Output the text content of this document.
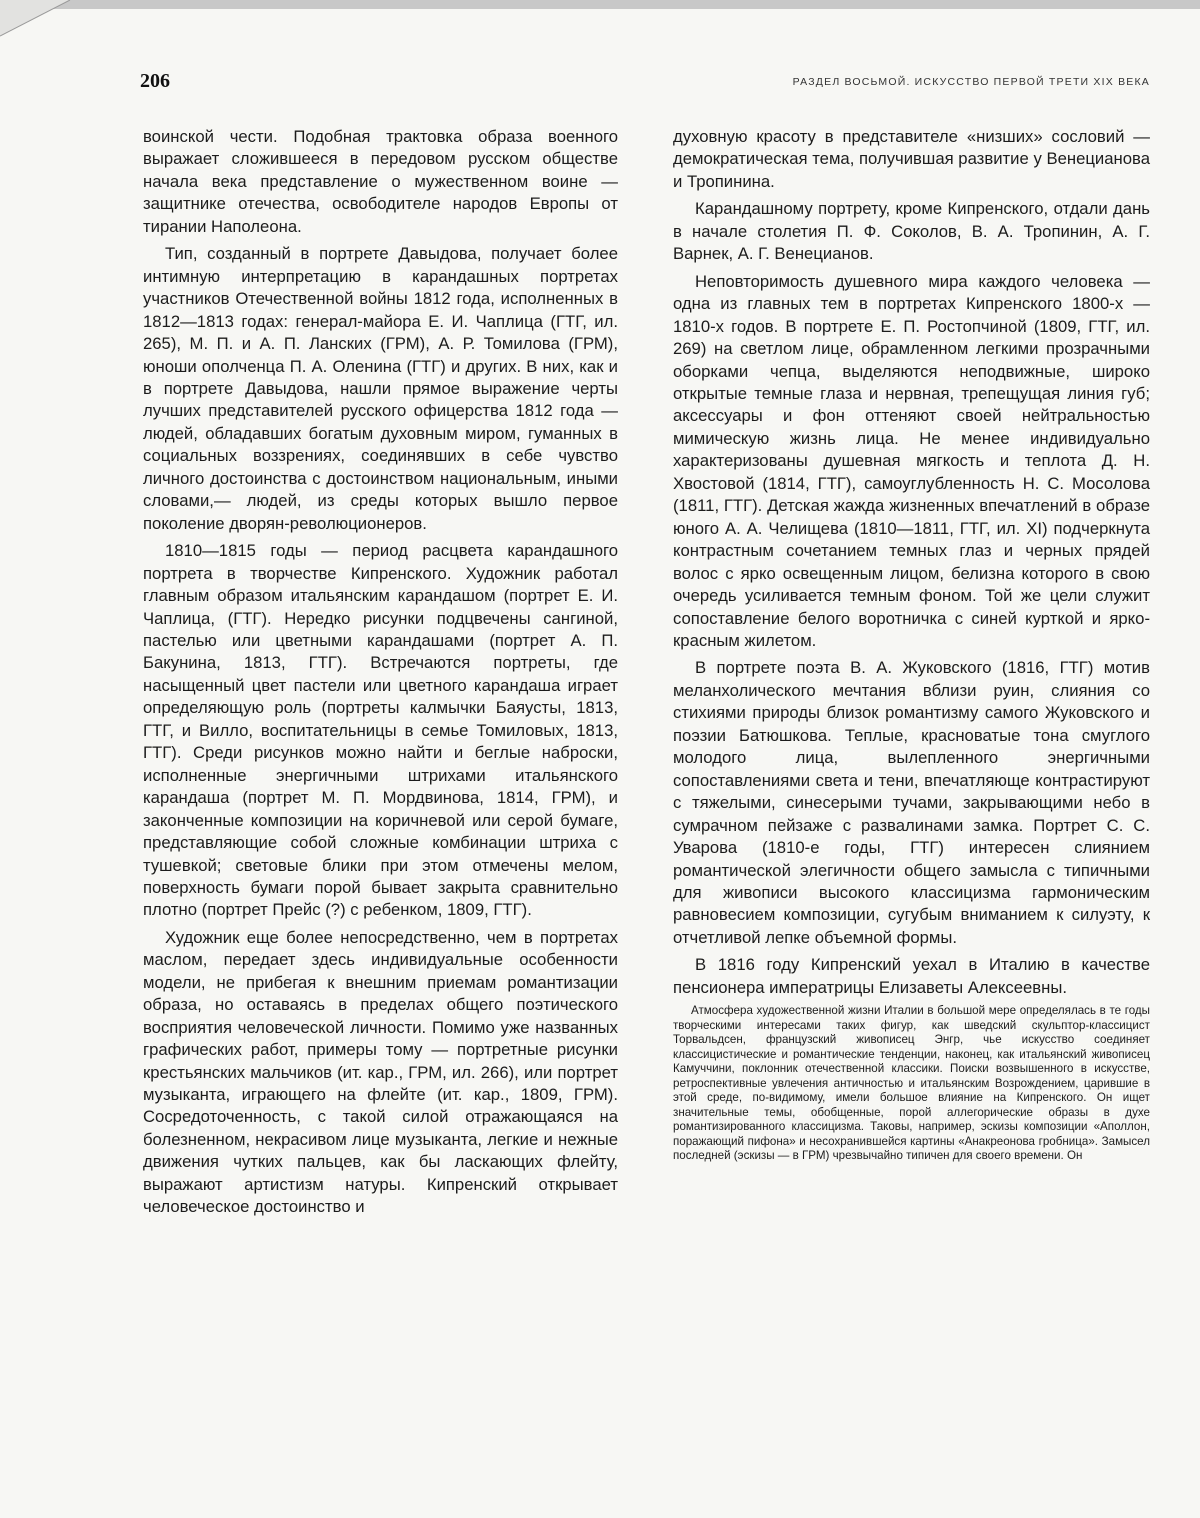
206	РАЗДЕЛ ВОСЬМОЙ. ИСКУССТВО ПЕРВОЙ ТРЕТИ XIX ВЕКА

воинской чести. Подобная трактовка образа военного выражает сложившееся в передовом русском обществе начала века представление о мужественном воине — защитнике отечества, освободителе народов Европы от тирании Наполеона.

Тип, созданный в портрете Давыдова, получает более интимную интерпретацию в карандашных портретах участников Отечественной войны 1812 года, исполненных в 1812—1813 годах: генерал-майора Е. И. Чаплица (ГТГ, ил. 265), М. П. и А. П. Ланских (ГРМ), А. Р. Томилова (ГРМ), юноши ополченца П. А. Оленина (ГТГ) и других. В них, как и в портрете Давыдова, нашли прямое выражение черты лучших представителей русского офицерства 1812 года — людей, обладавших богатым духовным миром, гуманных в социальных воззрениях, соединявших в себе чувство личного достоинства с достоинством национальным, иными словами,— людей, из среды которых вышло первое поколение дворян-революционеров.

1810—1815 годы — период расцвета карандашного портрета в творчестве Кипренского. Художник работал главным образом итальянским карандашом (портрет Е. И. Чаплица, (ГТГ). Нередко рисунки подцвечены сангиной, пастелью или цветными карандашами (портрет А. П. Бакунина, 1813, ГТГ). Встречаются портреты, где насыщенный цвет пастели или цветного карандаша играет определяющую роль (портреты калмычки Баяусты, 1813, ГТГ, и Вилло, воспитательницы в семье Томиловых, 1813, ГТГ). Среди рисунков можно найти и беглые наброски, исполненные энергичными штрихами итальянского карандаша (портрет М. П. Мордвинова, 1814, ГРМ), и законченные композиции на коричневой или серой бумаге, представляющие собой сложные комбинации штриха с тушевкой; световые блики при этом отмечены мелом, поверхность бумаги порой бывает закрыта сравнительно плотно (портрет Прейс (?) с ребенком, 1809, ГТГ).

Художник еще более непосредственно, чем в портретах маслом, передает здесь индивидуальные особенности модели, не прибегая к внешним приемам романтизации образа, но оставаясь в пределах общего поэтического восприятия человеческой личности. Помимо уже названных графических работ, примеры тому — портретные рисунки крестьянских мальчиков (ит. кар., ГРМ, ил. 266), или портрет музыканта, играющего на флейте (ит. кар., 1809, ГРМ). Сосредоточенность, с такой силой отражающаяся на болезненном, некрасивом лице музыканта, легкие и нежные движения чутких пальцев, как бы ласкающих флейту, выражают артистизм натуры. Кипренский открывает человеческое достоинство и

духовную красоту в представителе «низших» сословий — демократическая тема, получившая развитие у Венецианова и Тропинина.

Карандашному портрету, кроме Кипренского, отдали дань в начале столетия П. Ф. Соколов, В. А. Тропинин, А. Г. Варнек, А. Г. Венецианов.

Неповторимость душевного мира каждого человека — одна из главных тем в портретах Кипренского 1800-х — 1810-х годов. В портрете Е. П. Ростопчиной (1809, ГТГ, ил. 269) на светлом лице, обрамленном легкими прозрачными оборками чепца, выделяются неподвижные, широко открытые темные глаза и нервная, трепещущая линия губ; аксессуары и фон оттеняют своей нейтральностью мимическую жизнь лица. Не менее индивидуально характеризованы душевная мягкость и теплота Д. Н. Хвостовой (1814, ГТГ), самоуглубленность Н. С. Мосолова (1811, ГТГ). Детская жажда жизненных впечатлений в образе юного А. А. Челищева (1810—1811, ГТГ, ил. XI) подчеркнута контрастным сочетанием темных глаз и черных прядей волос с ярко освещенным лицом, белизна которого в свою очередь усиливается темным фоном. Той же цели служит сопоставление белого воротничка с синей курткой и ярко-красным жилетом.

В портрете поэта В. А. Жуковского (1816, ГТГ) мотив меланхолического мечтания вблизи руин, слияния со стихиями природы близок романтизму самого Жуковского и поэзии Батюшкова. Теплые, красноватые тона смуглого молодого лица, вылепленного энергичными сопоставлениями света и тени, впечатляюще контрастируют с тяжелыми, синесерыми тучами, закрывающими небо в сумрачном пейзаже с развалинами замка. Портрет С. С. Уварова (1810-е годы, ГТГ) интересен слиянием романтической элегичности общего замысла с типичными для живописи высокого классицизма гармоническим равновесием композиции, сугубым вниманием к силуэту, к отчетливой лепке объемной формы.

В 1816 году Кипренский уехал в Италию в качестве пенсионера императрицы Елизаветы Алексеевны.

Атмосфера художественной жизни Италии в большой мере определялась в те годы творческими интересами таких фигур, как шведский скульптор-классицист Торвальдсен, французский живописец Энгр, чье искусство соединяет классицистические и романтические тенденции, наконец, как итальянский живописец Камуччини, поклонник отечественной классики. Поиски возвышенного в искусстве, ретроспективные увлечения античностью и итальянским Возрождением, царившие в этой среде, по-видимому, имели большое влияние на Кипренского. Он ищет значительные темы, обобщенные, порой аллегорические образы в духе романтизированного классицизма. Таковы, например, эскизы композиции «Аполлон, поражающий пифона» и несохранившейся картины «Анакреонова гробница». Замысел последней (эскизы — в ГРМ) чрезвычайно типичен для своего времени. Он
